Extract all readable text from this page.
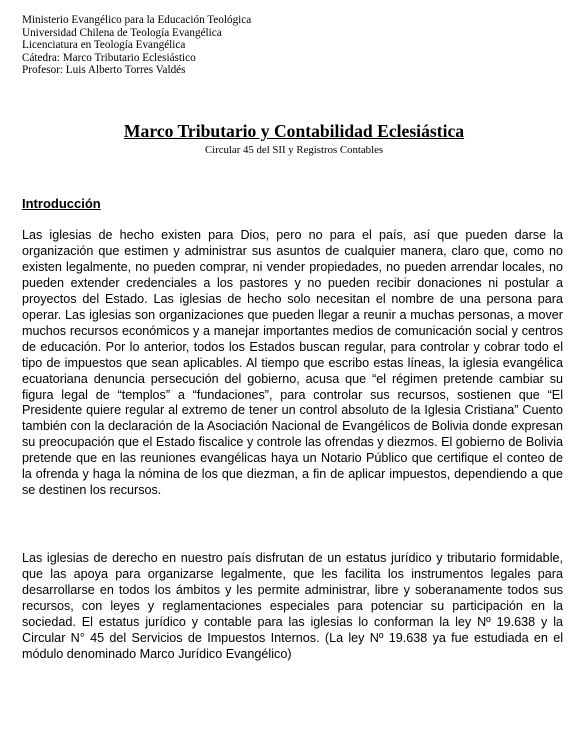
Ministerio Evangélico para la Educación Teológica
Universidad Chilena de Teología Evangélica
Licenciatura en Teología Evangélica
Cátedra: Marco Tributario Eclesiástico
Profesor: Luis Alberto Torres Valdés
Marco Tributario y Contabilidad Eclesiástica
Circular 45 del SII y Registros Contables
Introducción
Las iglesias de hecho existen para Dios, pero no para el país, así que pueden darse la organización que estimen y administrar sus asuntos de cualquier manera, claro que, como no existen legalmente, no pueden comprar, ni vender propiedades, no pueden arrendar locales, no pueden extender credenciales a los pastores y no pueden recibir donaciones ni postular a proyectos del Estado. Las iglesias de hecho solo necesitan el nombre de una persona para operar. Las iglesias son organizaciones que pueden llegar a reunir a muchas personas, a mover muchos recursos económicos y a manejar importantes medios de comunicación social y centros de educación. Por lo anterior, todos los Estados buscan regular, para controlar y cobrar todo el tipo de impuestos que sean aplicables. Al tiempo que escribo estas líneas, la iglesia evangélica ecuatoriana denuncia persecución del gobierno, acusa que “el régimen pretende cambiar su figura legal de “templos” a “fundaciones”, para controlar sus recursos, sostienen que “El Presidente quiere regular al extremo de tener un control absoluto de la Iglesia Cristiana” Cuento también con la declaración de la Asociación Nacional de Evangélicos de Bolivia donde expresan su preocupación que el Estado fiscalice y controle las ofrendas y diezmos. El gobierno de Bolivia pretende que en las reuniones evangélicas haya un Notario Público que certifique el conteo de la ofrenda y haga la nómina de los que diezman, a fin de aplicar impuestos, dependiendo a que se destinen los recursos.
Las iglesias de derecho en nuestro país disfrutan de un estatus jurídico y tributario formidable, que las apoya para organizarse legalmente, que les facilita los instrumentos legales para desarrollarse en todos los ámbitos y les permite administrar, libre y soberanamente todos sus recursos, con leyes y reglamentaciones especiales para potenciar su participación en la sociedad. El estatus jurídico y contable para las iglesias lo conforman la ley Nº 19.638 y la Circular N° 45 del Servicios de Impuestos Internos. (La ley Nº 19.638 ya fue estudiada en el módulo denominado Marco Jurídico Evangélico)
